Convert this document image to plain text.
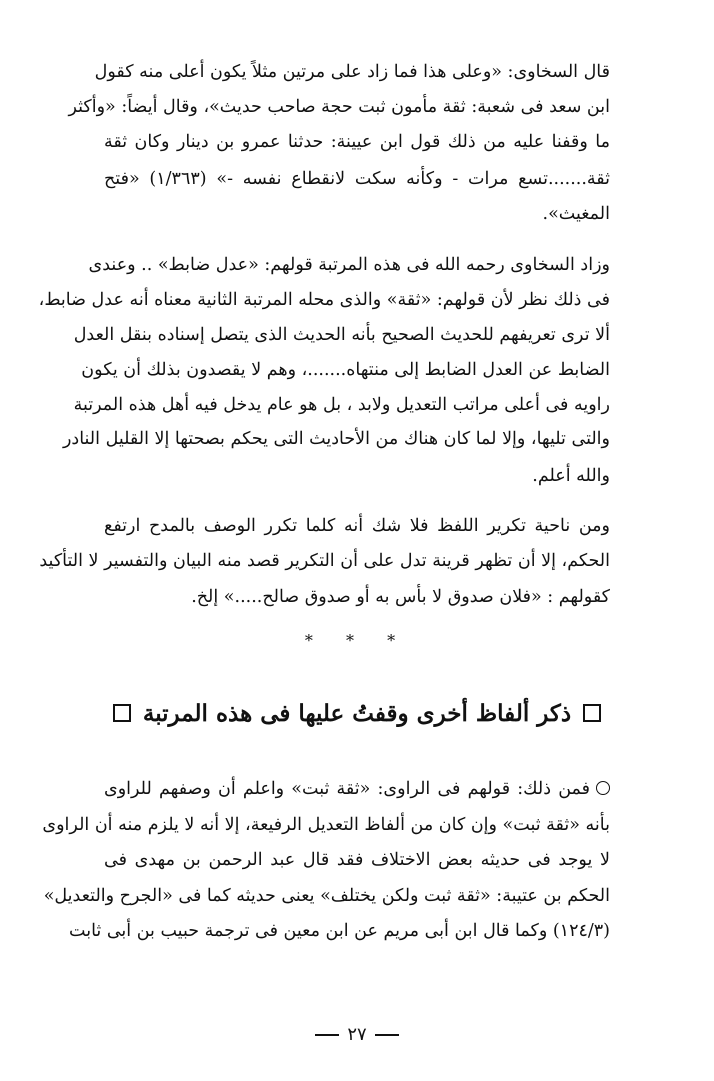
قال السخاوى: «وعلى هذا فما زاد على مرتين مثلاً يكون أعلى منه كقول
ابن سعد فى شعبة: ثقة مأمون ثبت حجة صاحب حديث»، وقال أيضاً: «وأكثر
ما وقفنا عليه من ذلك قول ابن عيينة: حدثنا عمرو بن دينار وكان ثقة
ثقة.......تسع مرات - وكأنه سكت لانقطاع نفسه -» (١/٣٦٣) «فتح
المغيث».
وزاد السخاوى رحمه الله فى هذه المرتبة قولهم: «عدل ضابط» .. وعندى
فى ذلك نظر لأن قولهم: «ثقة» والذى محله المرتبة الثانية معناه أنه عدل ضابط،
ألا ترى تعريفهم للحديث الصحيح بأنه الحديث الذى يتصل إسناده بنقل العدل
الضابط عن العدل الضابط إلى منتهاه.......، وهم لا يقصدون بذلك أن يكون
راويه فى أعلى مراتب التعديل ولابد ، بل هو عام يدخل فيه أهل هذه المرتبة
والتى تليها، وإلا لما كان هناك من الأحاديث التى يحكم بصحتها إلا القليل النادر
والله أعلم.
ومن ناحية تكرير اللفظ فلا شك أنه كلما تكرر الوصف بالمدح ارتفع
الحكم، إلا أن تظهر قرينة تدل على أن التكرير قصد منه البيان والتفسير لا التأكيد
كقولهم : «فلان صدوق لا بأس به أو صدوق صالح.....» إلخ.
* * *
ذكر ألفاظ أخرى وقفتُ عليها فى هذه المرتبة
فمن ذلك: قولهم فى الراوى: «ثقة ثبت» واعلم أن وصفهم للراوى
بأنه «ثقة ثبت» وإن كان من ألفاظ التعديل الرفيعة، إلا أنه لا يلزم منه أن الراوى
لا يوجد فى حديثه بعض الاختلاف فقد قال عبد الرحمن بن مهدى فى
الحكم بن عتيبة: «ثقة ثبت ولكن يختلف» يعنى حديثه كما فى «الجرح والتعديل»
(١٢٤/٣) وكما قال ابن أبى مريم عن ابن معين فى ترجمة حبيب بن أبى ثابت
٢٧
